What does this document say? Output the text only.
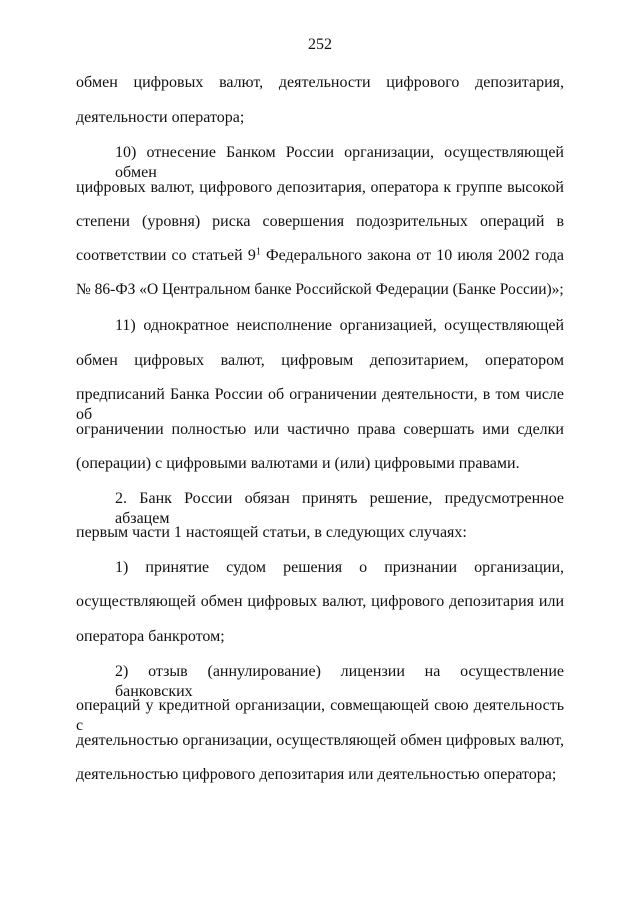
252
обмен цифровых валют, деятельности цифрового депозитария,
деятельности оператора;
10) отнесение Банком России организации, осуществляющей обмен
цифровых валют, цифрового депозитария, оператора к группе высокой
степени (уровня) риска совершения подозрительных операций в
соответствии со статьей $9^1$ Федерального закона от 10 июля 2002 года
№ 86-ФЗ «О Центральном банке Российской Федерации (Банке России)»;
11) однократное неисполнение организацией, осуществляющей
обмен цифровых валют, цифровым депозитарием, оператором
предписаний Банка России об ограничении деятельности, в том числе об
ограничении полностью или частично права совершать ими сделки
(операции) с цифровыми валютами и (или) цифровыми правами.
2. Банк России обязан принять решение, предусмотренное абзацем
первым части 1 настоящей статьи, в следующих случаях:
1) принятие судом решения о признании организации,
осуществляющей обмен цифровых валют, цифрового депозитария или
оператора банкротом;
2) отзыв (аннулирование) лицензии на осуществление банковских
операций у кредитной организации, совмещающей свою деятельность с
деятельностью организации, осуществляющей обмен цифровых валют,
деятельностью цифрового депозитария или деятельностью оператора;
